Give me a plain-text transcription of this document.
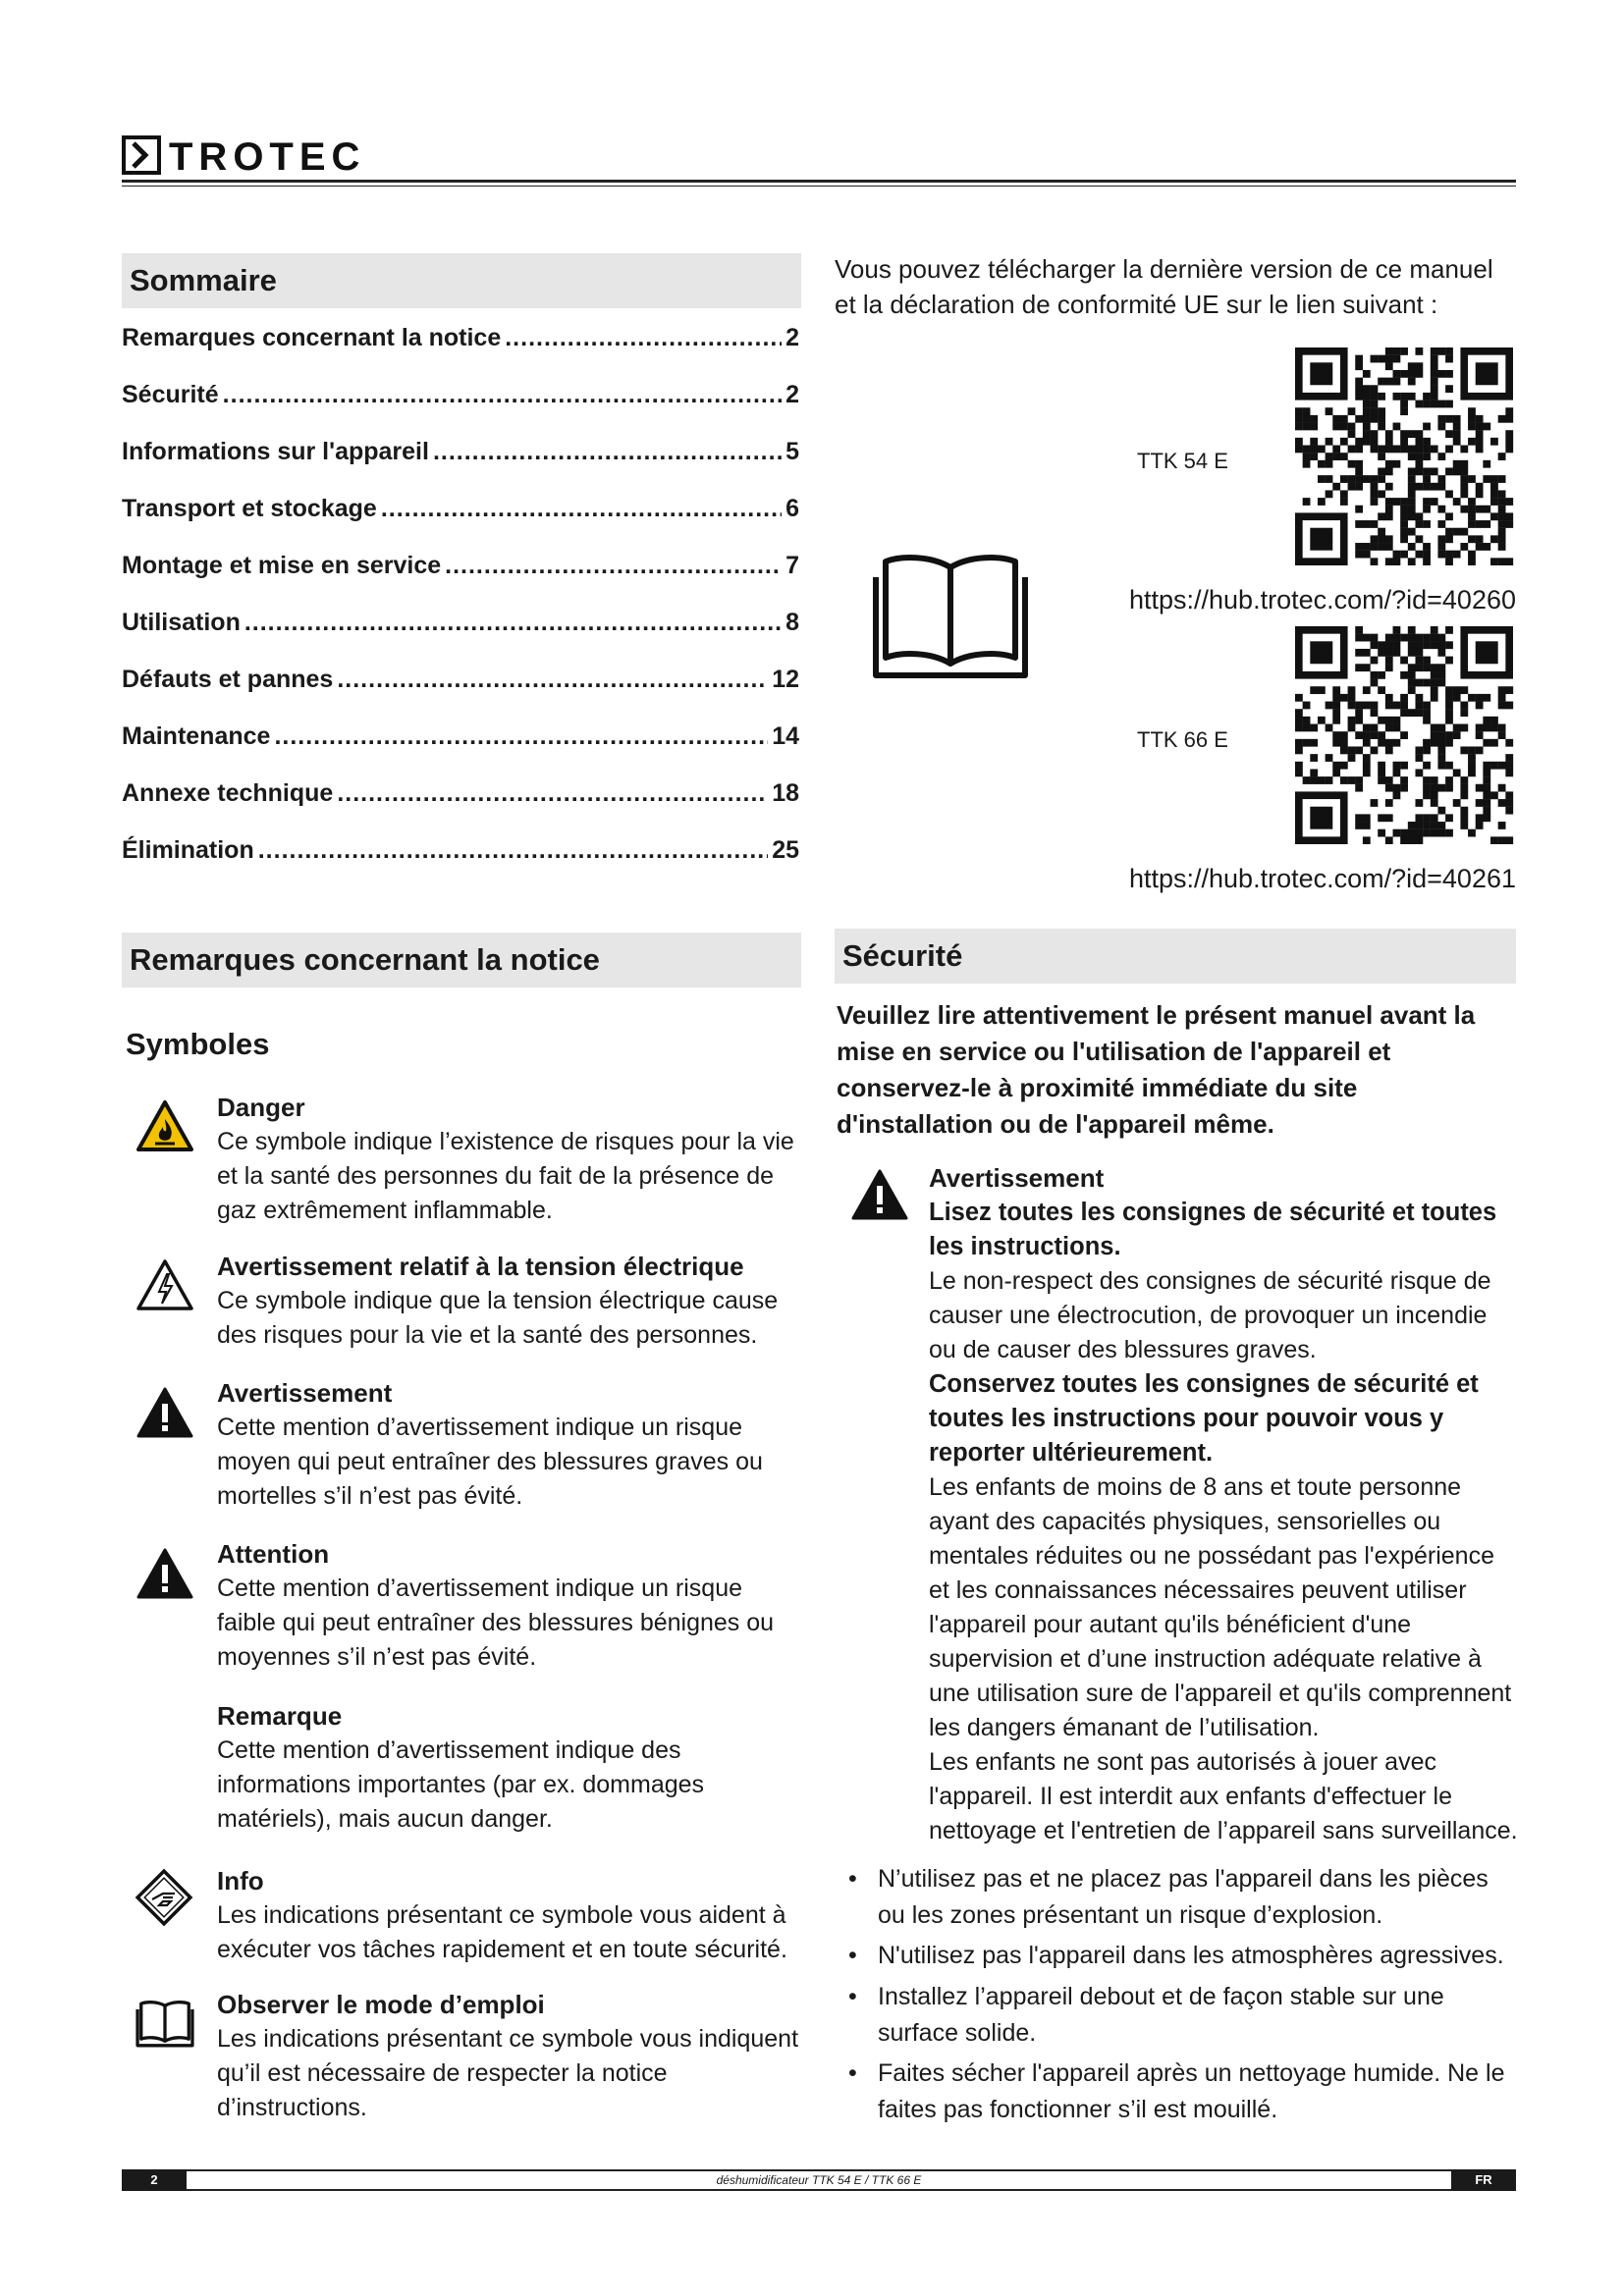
TROTEC
Sommaire
Remarques concernant la notice .....	2
Sécurité .....	2
Informations sur l'appareil .....	5
Transport et stockage .....	6
Montage et mise en service .....	7
Utilisation .....	8
Défauts et pannes .....	12
Maintenance .....	14
Annexe technique .....	18
Élimination .....	25
Vous pouvez télécharger la dernière version de ce manuel et la déclaration de conformité UE sur le lien suivant :
TTK 54 E
https://hub.trotec.com/?id=40260
TTK 66 E
https://hub.trotec.com/?id=40261
Remarques concernant la notice
Symboles
Danger
Ce symbole indique l’existence de risques pour la vie et la santé des personnes du fait de la présence de gaz extrêmement inflammable.
Avertissement relatif à la tension électrique
Ce symbole indique que la tension électrique cause des risques pour la vie et la santé des personnes.
Avertissement
Cette mention d’avertissement indique un risque moyen qui peut entraîner des blessures graves ou mortelles s’il n’est pas évité.
Attention
Cette mention d’avertissement indique un risque faible qui peut entraîner des blessures bénignes ou moyennes s’il n’est pas évité.
Remarque
Cette mention d’avertissement indique des informations importantes (par ex. dommages matériels), mais aucun danger.
Info
Les indications présentant ce symbole vous aident à exécuter vos tâches rapidement et en toute sécurité.
Observer le mode d’emploi
Les indications présentant ce symbole vous indiquent qu’il est nécessaire de respecter la notice d’instructions.
Sécurité
Veuillez lire attentivement le présent manuel avant la mise en service ou l'utilisation de l'appareil et conservez-le à proximité immédiate du site d'installation ou de l'appareil même.
Avertissement
Lisez toutes les consignes de sécurité et toutes les instructions.
Le non-respect des consignes de sécurité risque de causer une électrocution, de provoquer un incendie ou de causer des blessures graves.
Conservez toutes les consignes de sécurité et toutes les instructions pour pouvoir vous y reporter ultérieurement.
Les enfants de moins de 8 ans et toute personne ayant des capacités physiques, sensorielles ou mentales réduites ou ne possédant pas l'expérience et les connaissances nécessaires peuvent utiliser l'appareil pour autant qu'ils bénéficient d'une supervision et d’une instruction adéquate relative à une utilisation sure de l'appareil et qu'ils comprennent les dangers émanant de l’utilisation.
Les enfants ne sont pas autorisés à jouer avec l'appareil. Il est interdit aux enfants d'effectuer le nettoyage et l'entretien de l’appareil sans surveillance.
• N’utilisez pas et ne placez pas l'appareil dans les pièces ou les zones présentant un risque d’explosion.
• N'utilisez pas l'appareil dans les atmosphères agressives.
• Installez l’appareil debout et de façon stable sur une surface solide.
• Faites sécher l'appareil après un nettoyage humide. Ne le faites pas fonctionner s’il est mouillé.
2	déshumidificateur TTK 54 E / TTK 66 E	FR
